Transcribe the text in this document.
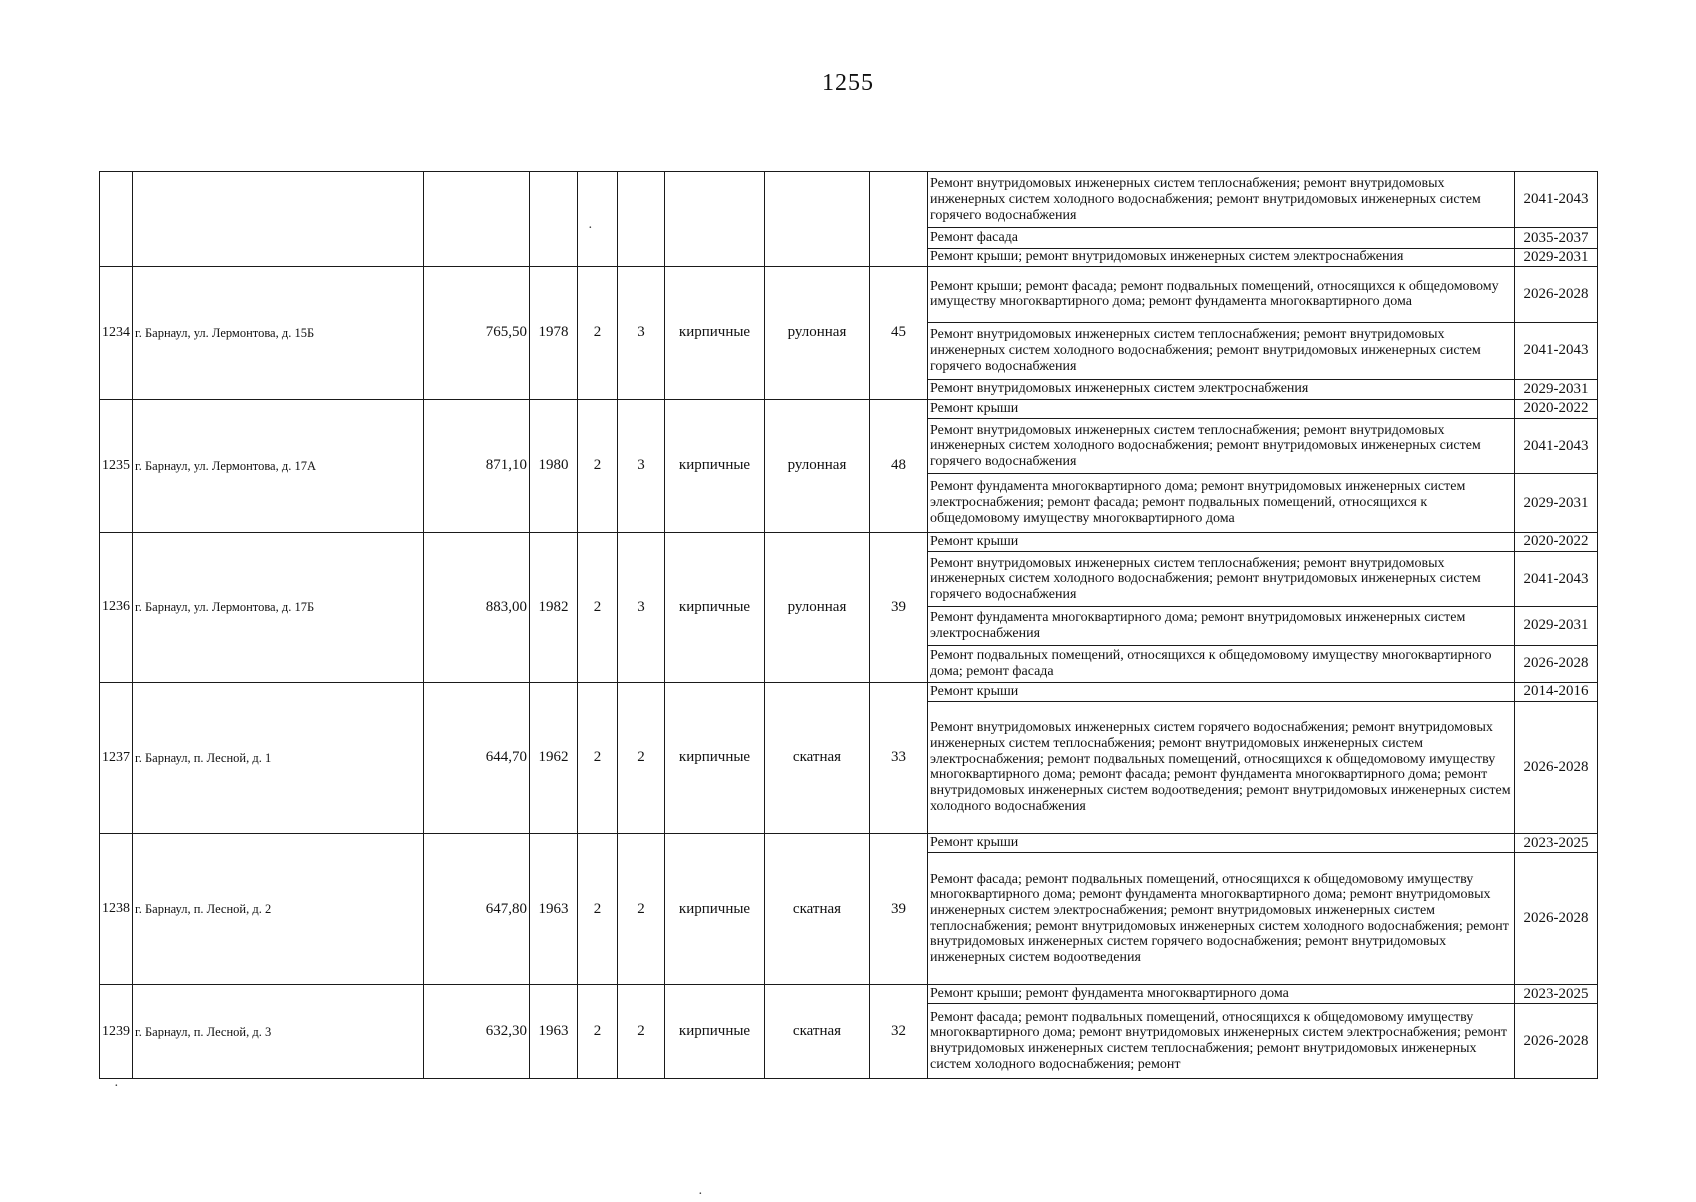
1255
									Ремонт внутридомовых инженерных систем теплоснабжения; ремонт внутридомовых инженерных систем холодного водоснабжения; ремонт внутридомовых инженерных систем горячего водоснабжения	2041-2043
									Ремонт фасада	2035-2037
									Ремонт крыши; ремонт внутридомовых инженерных систем электроснабжения	2029-2031
1234	г. Барнаул, ул. Лермонтова, д. 15Б	765,50	1978	2	3	кирпичные	рулонная	45	Ремонт крыши; ремонт фасада; ремонт подвальных помещений, относящихся к общедомовому имуществу многоквартирного дома; ремонт фундамента многоквартирного дома	2026-2028
									Ремонт внутридомовых инженерных систем теплоснабжения; ремонт внутридомовых инженерных систем холодного водоснабжения; ремонт внутридомовых инженерных систем горячего водоснабжения	2041-2043
									Ремонт внутридомовых инженерных систем электроснабжения	2029-2031
1235	г. Барнаул, ул. Лермонтова, д. 17А	871,10	1980	2	3	кирпичные	рулонная	48	Ремонт крыши	2020-2022
									Ремонт внутридомовых инженерных систем теплоснабжения; ремонт внутридомовых инженерных систем холодного водоснабжения; ремонт внутридомовых инженерных систем горячего водоснабжения	2041-2043
									Ремонт фундамента многоквартирного дома; ремонт внутридомовых инженерных систем электроснабжения; ремонт фасада; ремонт подвальных помещений, относящихся к общедомовому имуществу многоквартирного дома	2029-2031
1236	г. Барнаул, ул. Лермонтова, д. 17Б	883,00	1982	2	3	кирпичные	рулонная	39	Ремонт крыши	2020-2022
									Ремонт внутридомовых инженерных систем теплоснабжения; ремонт внутридомовых инженерных систем холодного водоснабжения; ремонт внутридомовых инженерных систем горячего водоснабжения	2041-2043
									Ремонт фундамента многоквартирного дома; ремонт внутридомовых инженерных систем электроснабжения	2029-2031
									Ремонт подвальных помещений, относящихся к общедомовому имуществу многоквартирного дома; ремонт фасада	2026-2028
1237	г. Барнаул, п. Лесной, д. 1	644,70	1962	2	2	кирпичные	скатная	33	Ремонт крыши	2014-2016
									Ремонт внутридомовых инженерных систем горячего водоснабжения; ремонт внутридомовых инженерных систем теплоснабжения; ремонт внутридомовых инженерных систем электроснабжения; ремонт подвальных помещений, относящихся к общедомовому имуществу многоквартирного дома; ремонт фасада; ремонт фундамента многоквартирного дома; ремонт внутридомовых инженерных систем водоотведения; ремонт внутридомовых инженерных систем холодного водоснабжения	2026-2028
1238	г. Барнаул, п. Лесной, д. 2	647,80	1963	2	2	кирпичные	скатная	39	Ремонт крыши	2023-2025
									Ремонт фасада; ремонт подвальных помещений, относящихся к общедомовому имуществу многоквартирного дома; ремонт фундамента многоквартирного дома; ремонт внутридомовых инженерных систем электроснабжения; ремонт внутридомовых инженерных систем теплоснабжения; ремонт внутридомовых инженерных систем холодного водоснабжения; ремонт внутридомовых инженерных систем горячего водоснабжения; ремонт внутридомовых инженерных систем водоотведения	2026-2028
1239	г. Барнаул, п. Лесной, д. 3	632,30	1963	2	2	кирпичные	скатная	32	Ремонт крыши; ремонт фундамента многоквартирного дома	2023-2025
									Ремонт фасада; ремонт подвальных помещений, относящихся к общедомовому имуществу многоквартирного дома; ремонт внутридомовых инженерных систем электроснабжения; ремонт внутридомовых инженерных систем теплоснабжения; ремонт внутридомовых инженерных систем холодного водоснабжения; ремонт	2026-2028
·
·
·
